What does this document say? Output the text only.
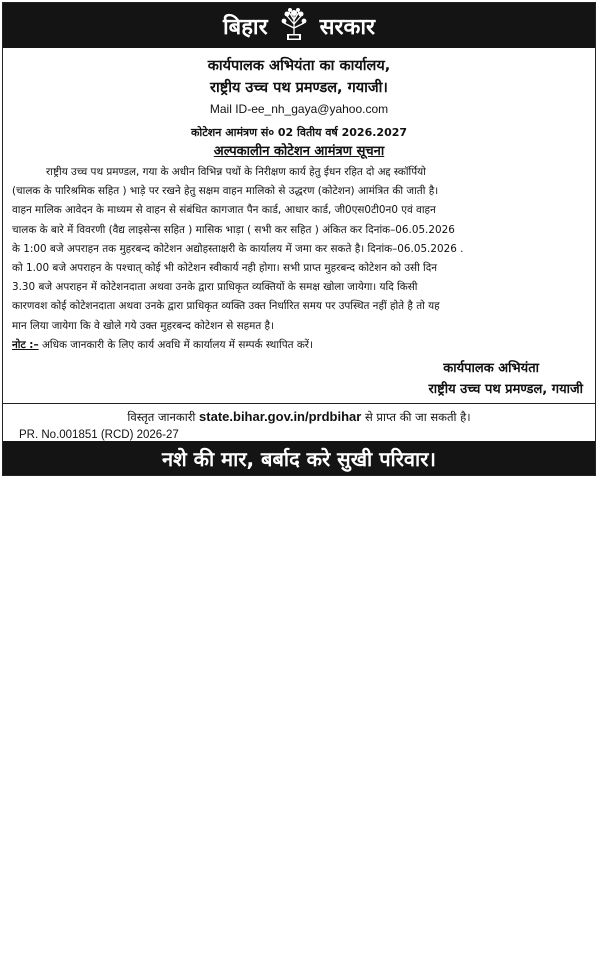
बिहार सरकार
कार्यपालक अभियंता का कार्यालय,
राष्ट्रीय उच्च पथ प्रमण्डल, गयाजी।
Mail ID-ee_nh_gaya@yahoo.com
कोटेशन आमंत्रण सं० 02 वितीय वर्ष 2026.2027
अल्पकालीन कोटेशन आमंत्रण सूचना
राष्ट्रीय उच्च पथ प्रमण्डल, गया के अधीन विभिन्न पथों के निरीक्षण कार्य हेतु ईधन रहित दो अद्द स्कॉर्पियो
(चालक के पारिश्रमिक सहित ) भाड़े पर रखने हेतु सक्षम वाहन मालिको से उद्धरण (कोटेशन) आमंत्रित की जाती है।
वाहन मालिक आवेदन के माध्यम से वाहन से संबंधित कागजात पैन कार्ड, आधार कार्ड, जी0एस0टी0न0 एवं वाहन
चालक के बारे में विवरणी (वैद्य लाइसेन्स सहित ) मासिक भाड़ा ( सभी कर सहित ) अंकित कर दिनांक–06.05.2026
के 1:00 बजे अपराहन तक मुहरबन्द कोटेशन अद्योहस्ताक्षरी के कार्यालय में जमा कर सकते है। दिनांक–06.05.2026 .
को 1.00 बजे अपराहन के पश्चात् कोई भी कोटेशन स्वीकार्य नही होगा। सभी प्राप्त मुहरबन्द कोटेशन को उसी दिन
3.30 बजे अपराहन में कोटेशनदाता अथवा उनके द्वारा प्राधिकृत व्यक्तियों के समक्ष खोला जायेगा। यदि किसी
कारणवश कोई कोटेशनदाता अथवा उनके द्वारा प्राधिकृत व्यक्ति उक्त निर्धारित समय पर उपस्थित नहीं होते है तो यह
मान लिया जायेगा कि वे खोले गये उक्त मुहरबन्द कोटेशन से सहमत है।
नोट :– अधिक जानकारी के लिए कार्य अवधि में कार्यालय में सम्पर्क स्थापित करें।
कार्यपालक अभियंता
राष्ट्रीय उच्च पथ प्रमण्डल, गयाजी
विस्तृत जानकारी state.bihar.gov.in/prdbihar से प्राप्त की जा सकती है।
PR. No.001851 (RCD) 2026-27
नशे की मार, बर्बाद करे सुखी परिवार।
